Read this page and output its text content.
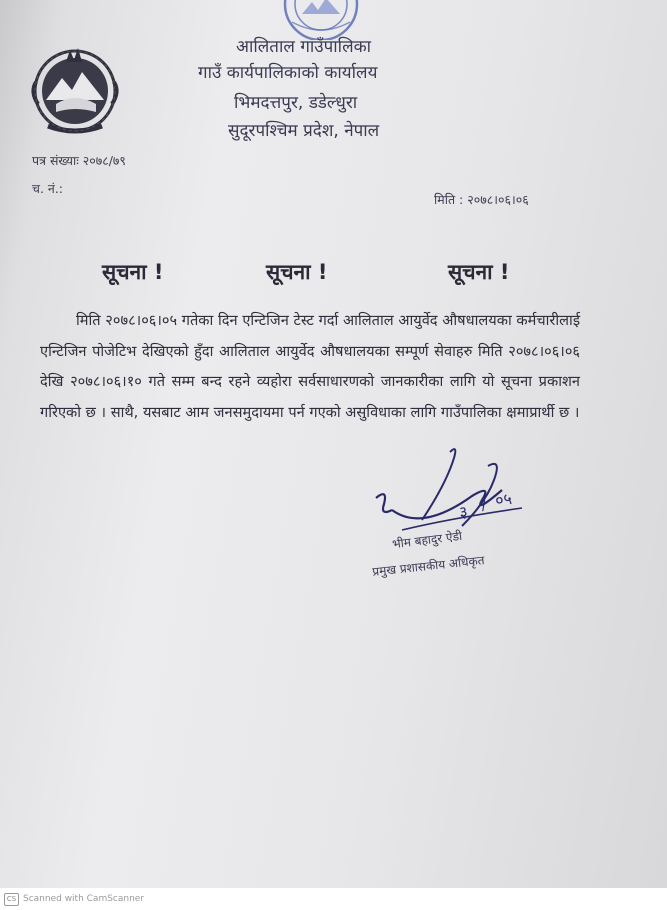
आलिताल गाउँपालिका
गाउँ कार्यपालिकाको कार्यालय
भिमदत्तपुर, डडेल्धुरा
सुदूरपश्चिम प्रदेश, नेपाल
पत्र संख्याः २०७८/७९
च. नं.:
मिति : २०७८।०६।०६
सूचना !	सूचना !	सूचना !
मिति २०७८।०६।०५ गतेका दिन एन्टिजिन टेस्ट गर्दा आलिताल आयुर्वेद औषधालयका कर्मचारीलाई एन्टिजिन पोजेटिभ देखिएको हुँदा आलिताल आयुर्वेद औषधालयका सम्पूर्ण सेवाहरु मिति २०७८।०६।०६ देखि २०७८।०६।१० गते सम्म बन्द रहने व्यहोरा सर्वसाधारणको जानकारीका लागि यो सूचना प्रकाशन गरिएको छ । साथै, यसबाट आम जनसमुदायमा पर्न गएको असुविधाका लागि गाउँपालिका क्षमाप्रार्थी छ ।
३ / ०५
भीम बहादुर ऐडी
प्रमुख प्रशासकीय अधिकृत
CS Scanned with CamScanner
